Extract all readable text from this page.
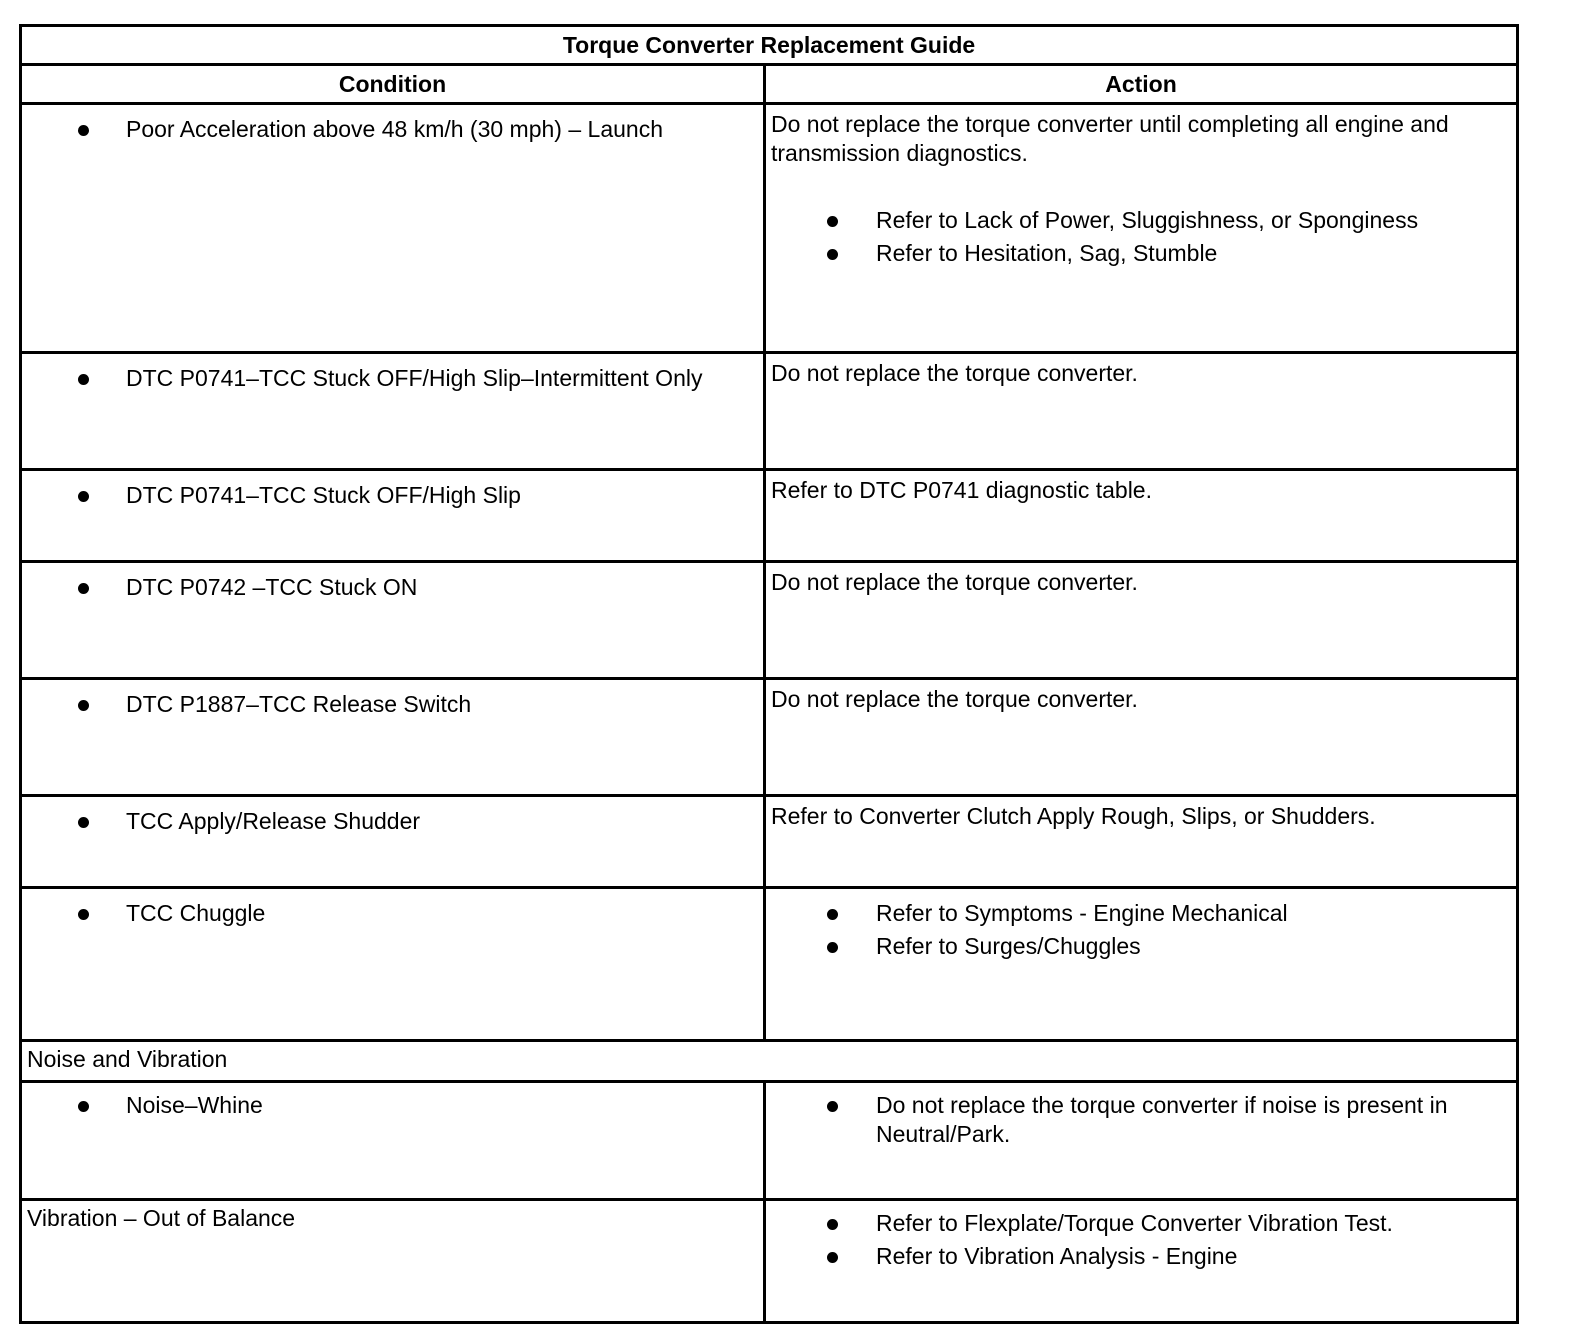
Torque Converter Replacement Guide	
Condition	Action

Poor Acceleration above 48 km/h (30 mph) – Launch	Do not replace the torque converter until completing all engine and transmission diagnostics.
Refer to Lack of Power, Sluggishness, or Sponginess
Refer to Hesitation, Sag, Stumble

DTC P0741–TCC Stuck OFF/High Slip–Intermittent Only	Do not replace the torque converter.

DTC P0741–TCC Stuck OFF/High Slip	Refer to DTC P0741 diagnostic table.

DTC P0742 –TCC Stuck ON	Do not replace the torque converter.

DTC P1887–TCC Release Switch	Do not replace the torque converter.

TCC Apply/Release Shudder	Refer to Converter Clutch Apply Rough, Slips, or Shudders.

TCC Chuggle	Refer to Symptoms - Engine Mechanical
Refer to Surges/Chuggles

Noise and Vibration	

Noise–Whine	Do not replace the torque converter if noise is present in Neutral/Park.

Vibration – Out of Balance	Refer to Flexplate/Torque Converter Vibration Test.
Refer to Vibration Analysis - Engine
